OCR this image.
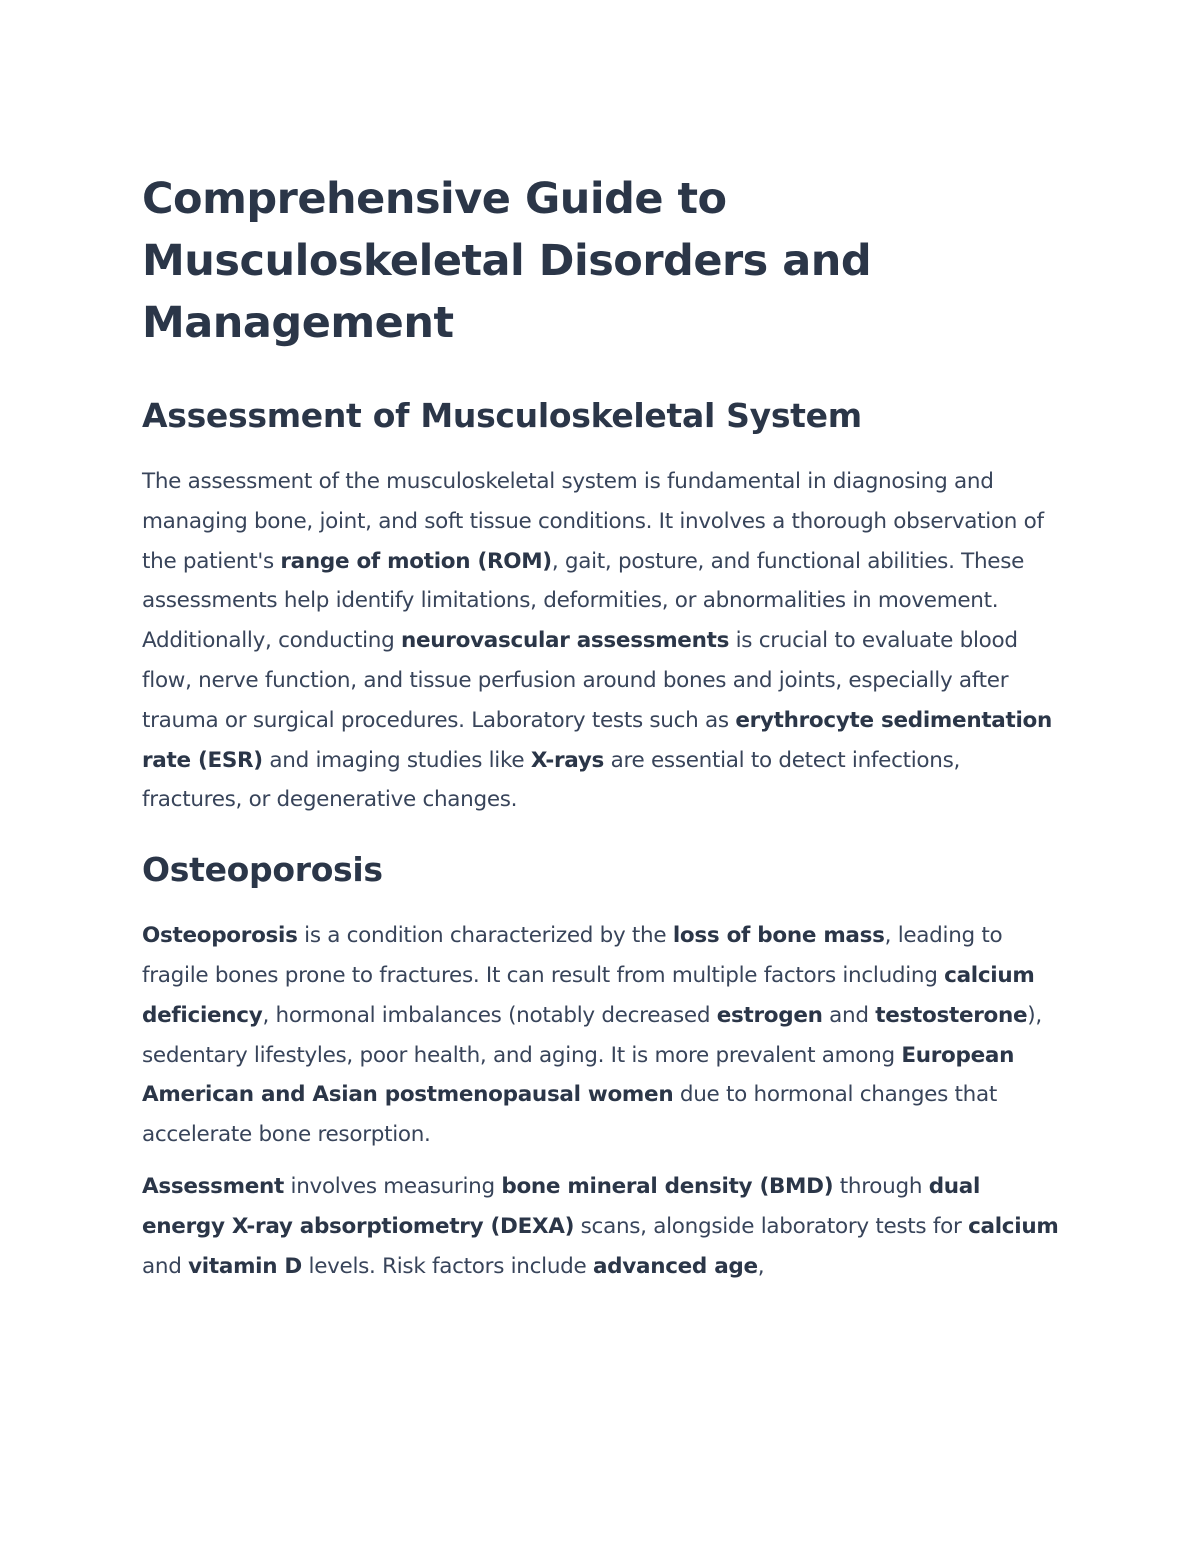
Comprehensive Guide to Musculoskeletal Disorders and Management
Assessment of Musculoskeletal System

The assessment of the musculoskeletal system is fundamental in diagnosing and managing bone, joint, and soft tissue conditions. It involves a thorough observation of the patient's range of motion (ROM), gait, posture, and functional abilities. These assessments help identify limitations, deformities, or abnormalities in movement. Additionally, conducting neurovascular assessments is crucial to evaluate blood flow, nerve function, and tissue perfusion around bones and joints, especially after trauma or surgical procedures. Laboratory tests such as erythrocyte sedimentation rate (ESR) and imaging studies like X-rays are essential to detect infections, fractures, or degenerative changes.

Osteoporosis

Osteoporosis is a condition characterized by the loss of bone mass, leading to fragile bones prone to fractures. It can result from multiple factors including calcium deficiency, hormonal imbalances (notably decreased estrogen and testosterone), sedentary lifestyles, poor health, and aging. It is more prevalent among European American and Asian postmenopausal women due to hormonal changes that accelerate bone resorption.

Assessment involves measuring bone mineral density (BMD) through dual energy X-ray absorptiometry (DEXA) scans, alongside laboratory tests for calcium and vitamin D levels. Risk factors include advanced age,
